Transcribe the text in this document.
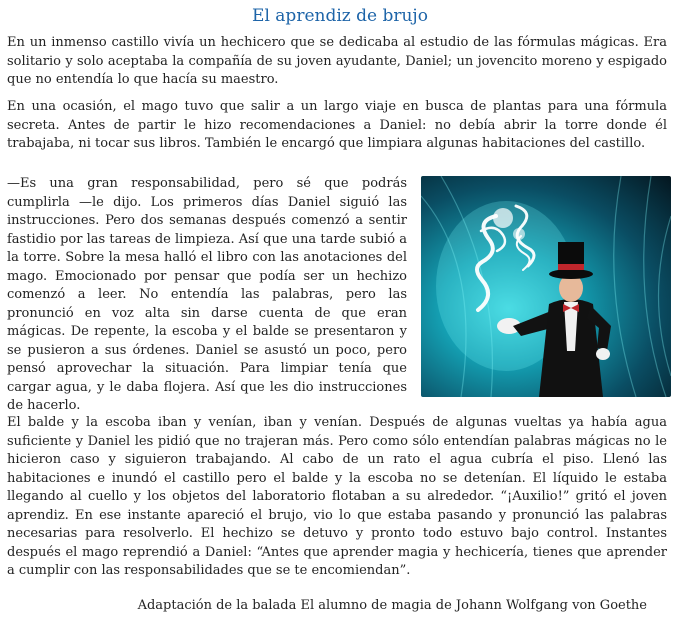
El aprendiz de brujo

En un inmenso castillo vivía un hechicero que se dedicaba al estudio de las fórmulas mágicas. Era solitario y solo aceptaba la compañía de su joven ayudante, Daniel; un jovencito moreno y espigado que no entendía lo que hacía su maestro.

En una ocasión, el mago tuvo que salir a un largo viaje en busca de plantas para una fórmula secreta. Antes de partir le hizo recomendaciones a Daniel: no debía abrir la torre donde él trabajaba, ni tocar sus libros. También le encargó que limpiara algunas habitaciones del castillo.

—Es una gran responsabilidad, pero sé que podrás cumplirla —le dijo. Los primeros días Daniel siguió las instrucciones. Pero dos semanas después comenzó a sentir fastidio por las tareas de limpieza. Así que una tarde subió a la torre. Sobre la mesa halló el libro con las anotaciones del mago. Emocionado por pensar que podía ser un hechizo comenzó a leer. No entendía las palabras, pero las pronunció en voz alta sin darse cuenta de que eran mágicas. De repente, la escoba y el balde se presentaron y se pusieron a sus órdenes. Daniel se asustó un poco, pero pensó aprovechar la situación. Para limpiar tenía que cargar agua, y le daba flojera. Así que les dio instrucciones de hacerlo.

El balde y la escoba iban y venían, iban y venían. Después de algunas vueltas ya había agua suficiente y Daniel les pidió que no trajeran más. Pero como sólo entendían palabras mágicas no le hicieron caso y siguieron trabajando. Al cabo de un rato el agua cubría el piso. Llenó las habitaciones e inundó el castillo pero el balde y la escoba no se detenían. El líquido le estaba llegando al cuello y los objetos del laboratorio flotaban a su alrededor. “¡Auxilio!” gritó el joven aprendiz. En ese instante apareció el brujo, vio lo que estaba pasando y pronunció las palabras necesarias para resolverlo. El hechizo se detuvo y pronto todo estuvo bajo control. Instantes después el mago reprendió a Daniel: “Antes que aprender magia y hechicería, tienes que aprender a cumplir con las responsabilidades que se te encomiendan”.

Adaptación de la balada El alumno de magia de Johann Wolfgang von Goethe
